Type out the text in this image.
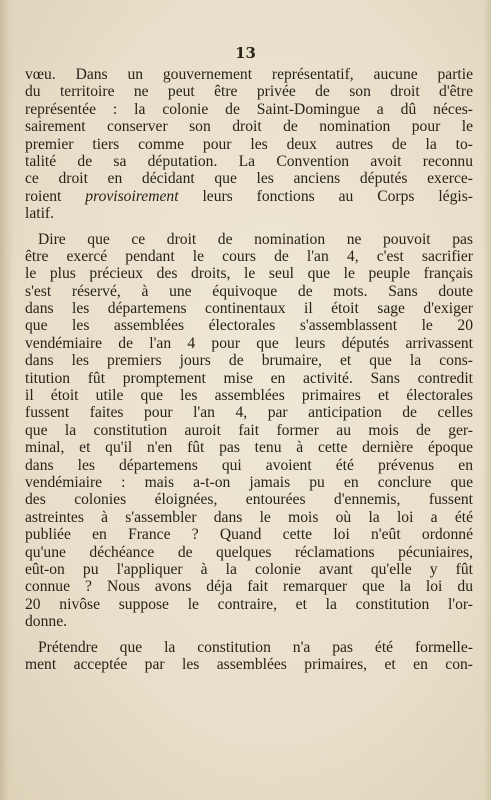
13
vœu. Dans un gouvernement représentatif, aucune partie
du territoire ne peut être privée de son droit d'être
représentée : la colonie de Saint-Domingue a dû néces-
sairement conserver son droit de nomination pour le
premier tiers comme pour les deux autres de la to-
talité de sa députation. La Convention avoit reconnu
ce droit en décidant que les anciens députés exerce-
roient provisoirement leurs fonctions au Corps légis-
latif.
Dire que ce droit de nomination ne pouvoit pas
être exercé pendant le cours de l'an 4, c'est sacrifier
le plus précieux des droits, le seul que le peuple français
s'est réservé, à une équivoque de mots. Sans doute
dans les départemens continentaux il étoit sage d'exiger
que les assemblées électorales s'assemblassent le 20
vendémiaire de l'an 4 pour que leurs députés arrivassent
dans les premiers jours de brumaire, et que la cons-
titution fût promptement mise en activité. Sans contredit
il étoit utile que les assemblées primaires et électorales
fussent faites pour l'an 4, par anticipation de celles
que la constitution auroit fait former au mois de ger-
minal, et qu'il n'en fût pas tenu à cette dernière époque
dans les départemens qui avoient été prévenus en
vendémiaire : mais a-t-on jamais pu en conclure que
des colonies éloignées, entourées d'ennemis, fussent
astreintes à s'assembler dans le mois où la loi a été
publiée en France ? Quand cette loi n'eût ordonné
qu'une déchéance de quelques réclamations pécuniaires,
eût-on pu l'appliquer à la colonie avant qu'elle y fût
connue ? Nous avons déja fait remarquer que la loi du
20 nivôse suppose le contraire, et la constitution l'or-
donne.
Prétendre que la constitution n'a pas été formelle-
ment acceptée par les assemblées primaires, et en con-
